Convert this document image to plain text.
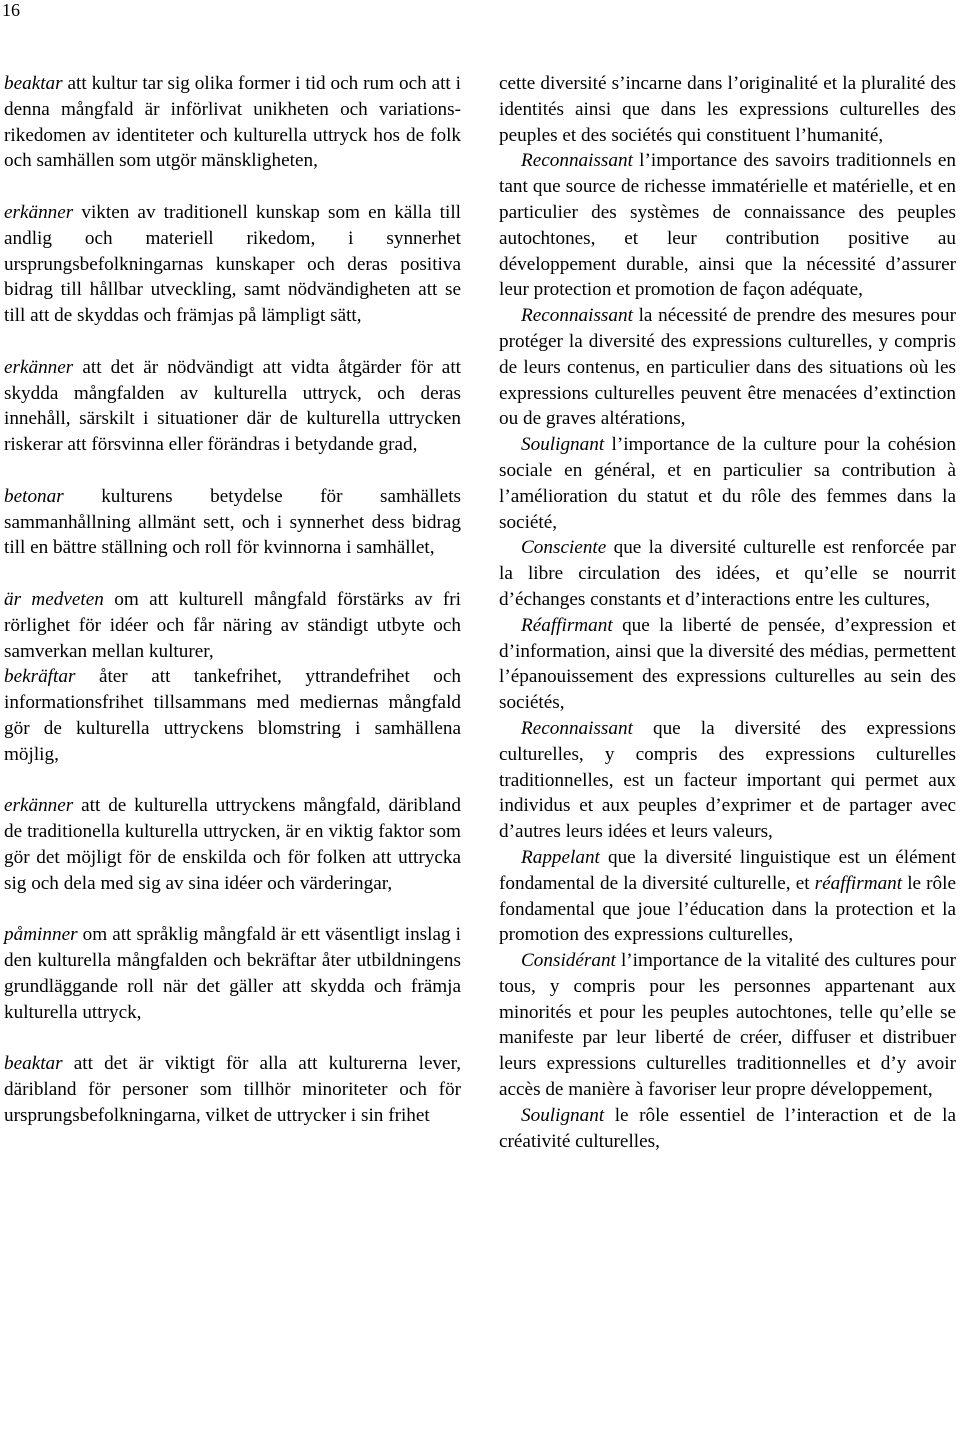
16

beaktar att kultur tar sig olika former i tid och rum och att i denna mångfald är införlivat unikheten och variationsrikedomen av identiteter och kulturella uttryck hos de folk och samhällen som utgör mänskligheten,

erkänner vikten av traditionell kunskap som en källa till andlig och materiell rikedom, i synnerhet ursprungsbefolkningarnas kunskaper och deras positiva bidrag till hållbar utveckling, samt nödvändigheten att se till att de skyddas och främjas på lämpligt sätt,

erkänner att det är nödvändigt att vidta åtgärder för att skydda mångfalden av kulturella uttryck, och deras innehåll, särskilt i situationer där de kulturella uttrycken riskerar att försvinna eller förändras i betydande grad,

betonar kulturens betydelse för samhällets sammanhållning allmänt sett, och i synnerhet dess bidrag till en bättre ställning och roll för kvinnorna i samhället,

är medveten om att kulturell mångfald förstärks av fri rörlighet för idéer och får näring av ständigt utbyte och samverkan mellan kulturer,

bekräftar åter att tankefrihet, yttrandefrihet och informationsfrihet tillsammans med mediernas mångfald gör de kulturella uttryckens blomstring i samhällena möjlig,

erkänner att de kulturella uttryckens mångfald, däribland de traditionella kulturella uttrycken, är en viktig faktor som gör det möjligt för de enskilda och för folken att uttrycka sig och dela med sig av sina idéer och värderingar,

påminner om att språklig mångfald är ett väsentligt inslag i den kulturella mångfalden och bekräftar åter utbildningens grundläggande roll när det gäller att skydda och främja kulturella uttryck,

beaktar att det är viktigt för alla att kulturerna lever, däribland för personer som tillhör minoriteter och för ursprungsbefolkningarna, vilket de uttrycker i sin frihet

cette diversité s’incarne dans l’originalité et la pluralité des identités ainsi que dans les expressions culturelles des peuples et des sociétés qui constituent l’humanité,

Reconnaissant l’importance des savoirs traditionnels en tant que source de richesse immatérielle et matérielle, et en particulier des systèmes de connaissance des peuples autochtones, et leur contribution positive au développement durable, ainsi que la nécessité d’assurer leur protection et promotion de façon adéquate,

Reconnaissant la nécessité de prendre des mesures pour protéger la diversité des expressions culturelles, y compris de leurs contenus, en particulier dans des situations où les expressions culturelles peuvent être menacées d’extinction ou de graves altérations,

Soulignant l’importance de la culture pour la cohésion sociale en général, et en particulier sa contribution à l’amélioration du statut et du rôle des femmes dans la société,

Consciente que la diversité culturelle est renforcée par la libre circulation des idées, et qu’elle se nourrit d’échanges constants et d’interactions entre les cultures,

Réaffirmant que la liberté de pensée, d’expression et d’information, ainsi que la diversité des médias, permettent l’épanouissement des expressions culturelles au sein des sociétés,

Reconnaissant que la diversité des expressions culturelles, y compris des expressions culturelles traditionnelles, est un facteur important qui permet aux individus et aux peuples d’exprimer et de partager avec d’autres leurs idées et leurs valeurs,

Rappelant que la diversité linguistique est un élément fondamental de la diversité culturelle, et réaffirmant le rôle fondamental que joue l’éducation dans la protection et la promotion des expressions culturelles,

Considérant l’importance de la vitalité des cultures pour tous, y compris pour les personnes appartenant aux minorités et pour les peuples autochtones, telle qu’elle se manifeste par leur liberté de créer, diffuser et distribuer leurs expressions culturelles traditionnelles et d’y avoir accès de manière à favoriser leur propre développement,

Soulignant le rôle essentiel de l’interaction et de la créativité culturelles,
